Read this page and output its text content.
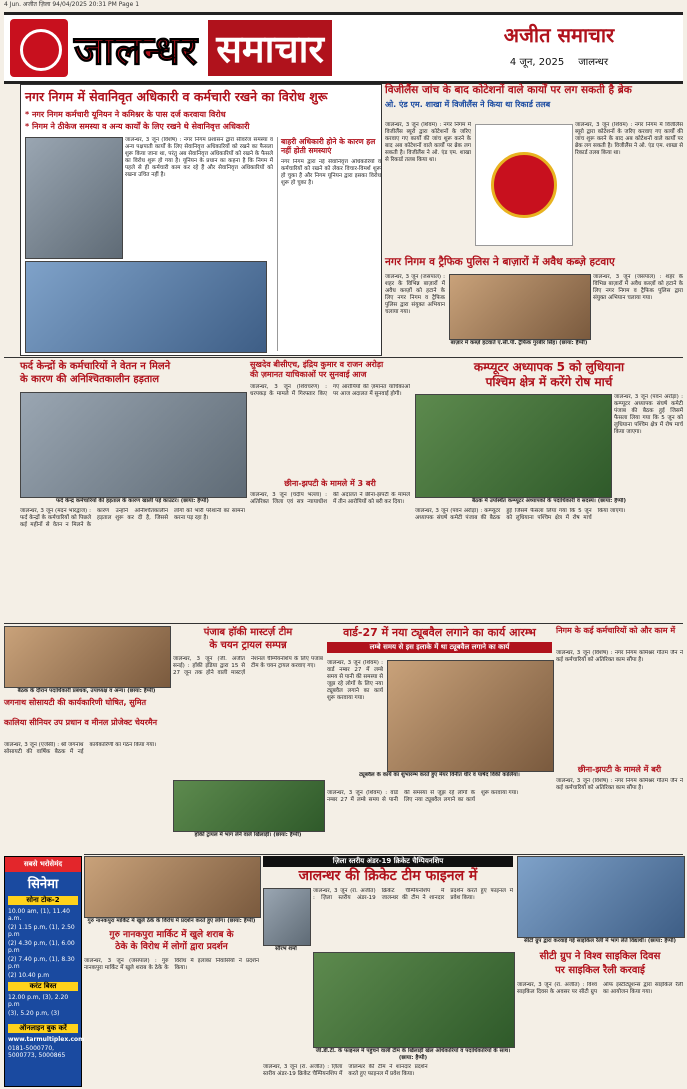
4 Jun. अजीत ज़िला 94/04/2025 20:31 PM Page 1
जालन्धर समाचार	अजीत समाचार
4 जून, 2025 जालन्धर
नगर निगम में सेवानिवृत अधिकारी व कर्मचारी रखने का विरोध शुरू
* नगर निगम कर्मचारी यूनियन ने कमिश्नर के पास दर्ज करवाया विरोध
* निगम ने ठीकेज समस्या व अन्य कार्यों के लिए रखने थे सेवानिवृत्त अधिकारी
जालन्धर, 3 जून (विशेष) : नगर निगम प्रशासन द्वारा सीवरेज समस्या व अन्य पक्षपाती कार्यों के लिए सेवानिवृत्त अधिकारियों को रखने का फैसला शुरू किया जाना था, परंतु अब सेवानिवृत्त अधिकारियों को रखने के फैसले का विरोध शुरू हो गया है। यूनियन के प्रधान का कहना है कि निगम में पहले से ही कर्मचारी काम कर रहे हैं और सेवानिवृत्त अधिकारियों को रखना उचित नहीं है।
बाहरी अधिकारी होने के कारण हल नहीं होती समस्याएं
नगर निगम द्वारा नई सेवानिवृत्त अधिकारियों व कर्मचारियों को रखने को लेकर विचार-विमर्श शुरू हो चुका है और निगम यूनियन द्वारा इसका विरोध शुरू हो चुका है।
विजीलैंस जांच के बाद कोटेशनों वाले कार्यों पर लग सकती है ब्रेक
ओ. एंड एम. शाखा में विजीलैंस ने किया था रिकार्ड तलब
जालन्धर, 3 जून (शिवम) : नगर निगम में विजीलैंस ब्यूरो द्वारा कोटेशनों के जरिए करवाए गए कार्यों की जांच शुरू करने के बाद अब कोटेशनों वाले कार्यों पर ब्रेक लग सकती है। विजीलैंस ने ओ. एंड एम. शाखा से रिकार्ड तलब किया था।
जालन्धर, 3 जून (शिवम) : नगर निगम में विजीलैंस ब्यूरो द्वारा कोटेशनों के जरिए करवाए गए कार्यों की जांच शुरू करने के बाद अब कोटेशनों वाले कार्यों पर ब्रेक लग सकती है। विजीलैंस ने ओ. एंड एम. शाखा से रिकार्ड तलब किया था।
नगर निगम व ट्रैफिक पुलिस ने बाज़ारों में अवैध कब्ज़े हटवाए
जालन्धर, 3 जून (जसपाल) : शहर के विभिन्न बाज़ारों में अवैध कब्ज़ों को हटाने के लिए नगर निगम व ट्रैफिक पुलिस द्वारा संयुक्त अभियान चलाया गया।
बाज़ार में कब्ज़े हटवाते ए.सी.पी. ट्रैफिक गुरबीर सिंह। (छाया: हैप्पी)
जालन्धर, 3 जून (जसपाल) : शहर के विभिन्न बाज़ारों में अवैध कब्ज़ों को हटाने के लिए नगर निगम व ट्रैफिक पुलिस द्वारा संयुक्त अभियान चलाया गया।
फर्द केन्द्रों के कर्मचारियों ने वेतन न मिलने
के कारण की अनिश्चितकालीन हड़ताल
फर्द केन्द्र कर्मचारियों की हड़ताल के कारण खाली पड़े काउंटर। (छाया: हैप्पी)
जालन्धर, 3 जून (मदन भारद्वाज) : फर्द केन्द्रों के कर्मचारियों को पिछले कई महीनों से वेतन न मिलने के कारण उन्होंने अनिश्चितकालीन हड़ताल शुरू कर दी है, जिससे लोगों को भारी परेशानी का सामना करना पड़ रहा है।
सुखदेव बीसीएच, इंद्रिय कुमार व राजन अरोड़ा
की ज़मानत याचिकाओं पर सुनवाई आज
जालन्धर, 3 जून (शिवचरण) : धरपकड़ के मामले में गिरफ्तार किए गए आरोपियों की ज़मानत याचिकाओं पर आज अदालत में सुनवाई होगी।
छीना-झपटी के मामले में 3 बरी
जालन्धर, 3 जून (चंदीप भल्ला) : अतिरिक्त जिला एवं सत्र न्यायाधीश की अदालत ने छीना-झपटी के मामले में तीन आरोपियों को बरी कर दिया।
कम्प्यूटर अध्यापक 5 को लुधियाना
पश्चिम क्षेत्र में करेंगे रोष मार्च
जालन्धर, 3 जून (पवन अरोड़ा) : कम्प्यूटर अध्यापक संघर्ष कमेटी पंजाब की बैठक हुई जिसमें फैसला लिया गया कि 5 जून को लुधियाना पश्चिम क्षेत्र में रोष मार्च किया जाएगा।
बैठक में उपस्थित कम्प्यूटर अध्यापकों के पदाधिकारी व सदस्य। (छाया: हैप्पी)
जालन्धर, 3 जून (पवन अरोड़ा) : कम्प्यूटर अध्यापक संघर्ष कमेटी पंजाब की बैठक हुई जिसमें फैसला लिया गया कि 5 जून को लुधियाना पश्चिम क्षेत्र में रोष मार्च किया जाएगा।
बैठक के दौरान पदाधिकारी प्रबंधक, उपाध्यक्ष व अन्य। (छाया: हैप्पी)
जगनाथ सोसायटी की कार्यकारिणी घोषित, सुमित
कालिया सीनियर उप प्रधान व मीनल प्रोजेक्ट चेयरमैन
जालन्धर, 3 जून (एजेंसी) : श्री जगनाथ सोसायटी की वार्षिक बैठक में नई कार्यकारिणी का गठन किया गया।
पंजाब हॉकी मास्टर्ज़ टीम
के चयन ट्रायल सम्पन्न
जालन्धर, 3 जून (जी. अजीत सनई) : हॉकी इंडिया द्वारा 15 से 27 जून तक होने वाली मास्टर्ज़ नेशनल चैम्पियनशिप के लिए पंजाब टीम के चयन ट्रायल करवाए गए।
हॉकी ट्रायल में भाग लेने वाले खिलाड़ी। (छाया: हैप्पी)
वार्ड-27 में नया ट्यूबवैल लगाने का कार्य आरम्भ
लम्बे समय से इस इलाके में था ट्यूबवैल लगाने का कार्य
जालन्धर, 3 जून (शिवम) : वार्ड नम्बर 27 में लम्बे समय से पानी की समस्या से जूझ रहे लोगों के लिए नया ट्यूबवैल लगाने का कार्य शुरू करवाया गया।
ट्यूबवैल के कार्य का शुभारम्भ करते हुए मेयर विनीत धीर व पार्षद विकी कालिया।
जालन्धर, 3 जून (शिवम) : वार्ड नम्बर 27 में लम्बे समय से पानी की समस्या से जूझ रहे लोगों के लिए नया ट्यूबवैल लगाने का कार्य शुरू करवाया गया।
निगम के कई कर्मचारियों को और काम में
जालन्धर, 3 जून (विशेष) : नगर निगम कमिश्नर गौतम जैन ने कई कर्मचारियों को अतिरिक्त काम सौंपा है।
छीना-झपटी के मामले में बरी
जालन्धर, 3 जून (विशेष) : नगर निगम कमिश्नर गौतम जैन ने कई कर्मचारियों को अतिरिक्त काम सौंपा है।
सबसे भरोसेमंद
सिनेमा
सोना टोक-2
10.00 am, (1), 11.40 a.m.
(2) 1.15 p.m, (1), 2.50 p.m
(2) 4.30 p.m, (1), 6.00 p.m
(2) 7.40 p.m, (1), 8.30 p.m
(2) 10.40 p.m
करंट बिस्त
12.00 p.m, (3), 2.20 p.m
(3), 5.20 p.m, (3)
ऑनलाइन बुक करें
www.tarmultiplex.com
0181-5000770, 5000773, 5000865
ज़िला स्तरीय अंडर-19 क्रिकेट चैम्पियनशिप
जालन्धर की क्रिकेट टीम फाइनल में
सौरभ शर्मा
जालन्धर, 3 जून (रा. अजीत) : ज़िला स्तरीय अंडर-19 क्रिकेट चैम्पियनशिप में जालन्धर की टीम ने शानदार प्रदर्शन करते हुए फाइनल में प्रवेश किया।
जी.डी.टी. के फाइनल में पहुंचने वाली टीम के खिलाड़ी खेल अधिकारियों व पदाधिकारियों के साथ। (छाया: हैप्पी)
जालन्धर, 3 जून (रा. अजीत) : ज़िला स्तरीय अंडर-19 क्रिकेट चैम्पियनशिप में जालन्धर की टीम ने शानदार प्रदर्शन करते हुए फाइनल में प्रवेश किया।
गुरु नानकपुरा मार्किट में खुले ठेके के विरोध में प्रदर्शन करते हुए लोग। (छाया: हैप्पी)
गुरु नानकपुरा मार्किट में खुले शराब के
ठेके के विरोध में लोगों द्वारा प्रदर्शन
जालन्धर, 3 जून (जसपाल) : गुरु नानकपुरा मार्किट में खुले शराब के ठेके के विरोध में इलाका निवासियों ने प्रदर्शन किया।
सीटी ग्रुप द्वारा करवाई गई साइकिल रैली में भाग लेते विद्यार्थी। (छाया: हैप्पी)
सीटी ग्रुप ने विश्व साइकिल दिवस
पर साइकिल रैली करवाई
जालन्धर, 3 जून (रा. अजीत) : विश्व साइकिल दिवस के अवसर पर सीटी ग्रुप ऑफ इंस्टीट्यूशन्स द्वारा साइकिल रैली का आयोजन किया गया।
